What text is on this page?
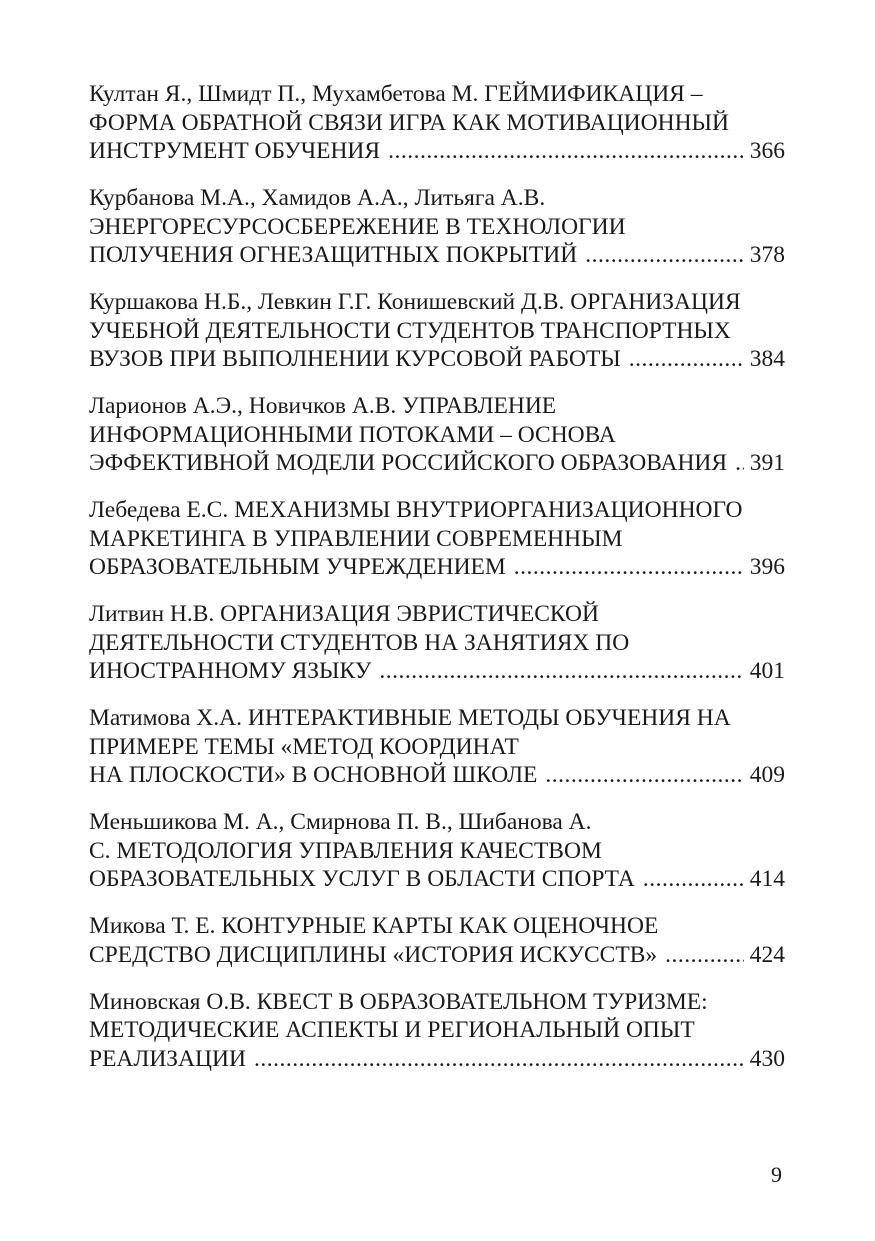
Култан Я., Шмидт П., Мухамбетова М. ГЕЙМИФИКАЦИЯ –
ФОРМА ОБРАТНОЙ СВЯЗИ ИГРА КАК МОТИВАЦИОННЫЙ
ИНСТРУМЕНТ ОБУЧЕНИЯ .....	366
Курбанова М.А., Хамидов А.А., Литьяга А.В.
ЭНЕРГОРЕСУРСОСБЕРЕЖЕНИЕ В ТЕХНОЛОГИИ
ПОЛУЧЕНИЯ ОГНЕЗАЩИТНЫХ ПОКРЫТИЙ .....	378
Куршакова Н.Б., Левкин Г.Г. Конишевский Д.В. ОРГАНИЗАЦИЯ
УЧЕБНОЙ ДЕЯТЕЛЬНОСТИ СТУДЕНТОВ ТРАНСПОРТНЫХ
ВУЗОВ ПРИ ВЫПОЛНЕНИИ КУРСОВОЙ РАБОТЫ .....	384
Ларионов А.Э., Новичков А.В. УПРАВЛЕНИЕ
ИНФОРМАЦИОННЫМИ ПОТОКАМИ – ОСНОВА
ЭФФЕКТИВНОЙ МОДЕЛИ РОССИЙСКОГО ОБРАЗОВАНИЯ ..... 391
Лебедева Е.С. МЕХАНИЗМЫ ВНУТРИОРГАНИЗАЦИОННОГО
МАРКЕТИНГА В УПРАВЛЕНИИ СОВРЕМЕННЫМ
ОБРАЗОВАТЕЛЬНЫМ УЧРЕЖДЕНИЕМ .....	396
Литвин Н.В. ОРГАНИЗАЦИЯ ЭВРИСТИЧЕСКОЙ
ДЕЯТЕЛЬНОСТИ СТУДЕНТОВ НА ЗАНЯТИЯХ ПО
ИНОСТРАННОМУ ЯЗЫКУ .....	401
Матимова Х.А. ИНТЕРАКТИВНЫЕ МЕТОДЫ ОБУЧЕНИЯ НА
ПРИМЕРЕ ТЕМЫ «МЕТОД КООРДИНАТ
НА ПЛОСКОСТИ» В ОСНОВНОЙ ШКОЛЕ .....	409
Меньшикова М. А., Смирнова П. В., Шибанова А.
С. МЕТОДОЛОГИЯ УПРАВЛЕНИЯ КАЧЕСТВОМ
ОБРАЗОВАТЕЛЬНЫХ УСЛУГ В ОБЛАСТИ СПОРТА .....	414
Микова Т. Е. КОНТУРНЫЕ КАРТЫ КАК ОЦЕНОЧНОЕ
СРЕДСТВО ДИСЦИПЛИНЫ «ИСТОРИЯ ИСКУССТВ» .....	424
Миновская О.В. КВЕСТ В ОБРАЗОВАТЕЛЬНОМ ТУРИЗМЕ:
МЕТОДИЧЕСКИЕ АСПЕКТЫ И РЕГИОНАЛЬНЫЙ ОПЫТ
РЕАЛИЗАЦИИ .....	430
9
